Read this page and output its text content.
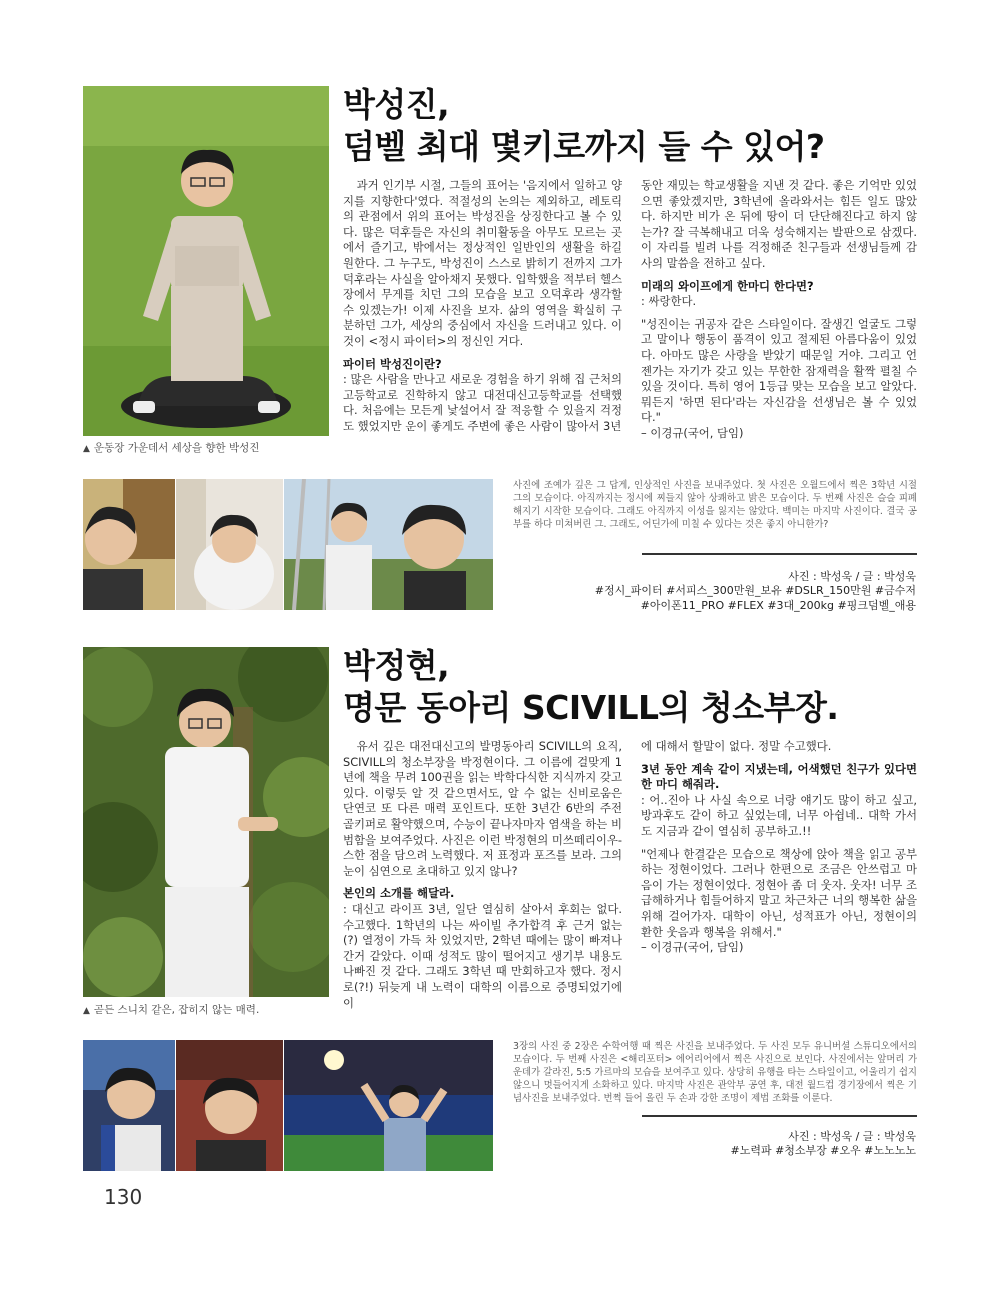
▲ 운동장 가운데서 세상을 향한 박성진
박성진,
덤벨 최대 몇키로까지 들 수 있어?

과거 인기부 시절, 그들의 표어는 '음지에서 일하고 양지를 지향한다'였다. 적절성의 논의는 제외하고, 레토릭의 관점에서 위의 표어는 박성진을 상징한다고 볼 수 있다. 많은 덕후들은 자신의 취미활동을 아무도 모르는 곳에서 즐기고, 밖에서는 정상적인 일반인의 생활을 하길 원한다. 그 누구도, 박성진이 스스로 밝히기 전까지 그가 덕후라는 사실을 알아채지 못했다. 입학했을 적부터 헬스장에서 무게를 치던 그의 모습을 보고 오덕후라 생각할 수 있겠는가! 이제 사진을 보자. 삶의 영역을 확실히 구분하던 그가, 세상의 중심에서 자신을 드러내고 있다. 이것이 <정시 파이터>의 정신인 거다.

파이터 박성진이란?
: 많은 사람을 만나고 새로운 경험을 하기 위해 집 근처의 고등학교로 진학하지 않고 대전대신고등학교를 선택했다. 처음에는 모든게 낯설어서 잘 적응할 수 있을지 걱정도 했었지만 운이 좋게도 주변에 좋은 사람이 많아서 3년
동안 재밌는 학교생활을 지낸 것 같다. 좋은 기억만 있었으면 좋았겠지만, 3학년에 올라와서는 힘든 일도 많았다. 하지만 비가 온 뒤에 땅이 더 단단해진다고 하지 않는가? 잘 극복해내고 더욱 성숙해지는 발판으로 삼겠다. 이 자리를 빌려 나를 걱정해준 친구들과 선생님들께 감사의 말씀을 전하고 싶다.
미래의 와이프에게 한마디 한다면?
: 싸랑한다.
"성진이는 귀공자 같은 스타일이다. 잘생긴 얼굴도 그렇고 말이나 행동이 품격이 있고 절제된 아름다움이 있었다. 아마도 많은 사랑을 받았기 때문일 거야. 그리고 언젠가는 자기가 갖고 있는 무한한 잠재력을 활짝 펼칠 수 있을 것이다. 특히 영어 1등급 맞는 모습을 보고 알았다. 뭐든지 '하면 된다'라는 자신감을 선생님은 볼 수 있었다."
– 이경규(국어, 담임)
사진에 조예가 깊은 그 답게, 인상적인 사진을 보내주었다. 첫 사진은 오월드에서 찍은 3학년 시절 그의 모습이다. 아직까지는 정시에 찌들지 않아 상쾌하고 밝은 모습이다. 두 번째 사진은 슬슬 피폐해지기 시작한 모습이다. 그래도 아직까지 이성을 잃지는 않았다. 백미는 마지막 사진이다. 결국 공부를 하다 미쳐버린 그. 그래도, 어딘가에 미칠 수 있다는 것은 좋지 아니한가?
사진 : 박성욱 / 글 : 박성욱
#정시_파이터 #서피스_300만원_보유 #DSLR_150만원 #금수저
#아이폰11_PRO #FLEX #3대_200kg #핑크덤벨_애용
▲ 곧든 스니치 같은, 잡히지 않는 매력.
박정현,
명문 동아리 SCIVILL의 청소부장.

유서 깊은 대전대신고의 발명동아리 SCIVILL의 요직, SCIVILL의 청소부장을 박정현이다. 그 이름에 걸맞게 1년에 책을 무려 100권을 읽는 박학다식한 지식까지 갖고 있다. 이렇듯 알 것 같으면서도, 알 수 없는 신비로움은 단연코 또 다른 매력 포인트다. 또한 3년간 6반의 주전 골키퍼로 활약했으며, 수능이 끝나자마자 염색을 하는 비범함을 보여주었다. 사진은 이런 박정현의 미쓰떼리이우-스한 점을 담으려 노력했다. 저 표정과 포즈를 보라. 그의 눈이 심연으로 초대하고 있지 않나?

본인의 소개를 해달라.
: 대신고 라이프 3년, 일단 열심히 살아서 후회는 없다. 수고했다. 1학년의 나는 싸이빌 추가합격 후 근거 없는(?) 열정이 가득 차 있었지만, 2학년 때에는 많이 빠져나간거 같았다. 이때 성적도 많이 떨어지고 생기부 내용도 나빠진 것 같다. 그래도 3학년 때 만회하고자 했다. 정시로(?!) 뒤늦게 내 노력이 대학의 이름으로 증명되었기에 이
에 대해서 할말이 없다. 정말 수고했다.
3년 동안 계속 같이 지냈는데, 어색했던 친구가 있다면 한 마디 해줘라.
: 어..진아 나 사실 속으로 너랑 얘기도 많이 하고 싶고, 방과후도 같이 하고 싶었는데, 너무 아쉽네.. 대학 가서도 지금과 같이 열심히 공부하고.!!
"언제나 한결같은 모습으로 책상에 앉아 책을 읽고 공부하는 정현이었다. 그러나 한편으로 조금은 안쓰럽고 마음이 가는 정현이었다. 정현아 좀 더 웃자. 웃자! 너무 조급해하거나 힘들어하지 말고 차근차근 너의 행복한 삶을 위해 걸어가자. 대학이 아닌, 성적표가 아닌, 정현이의 환한 웃음과 행복을 위해서."
– 이경규(국어, 담임)
3장의 사진 중 2장은 수학여행 때 찍은 사진을 보내주었다. 두 사진 모두 유니버셜 스튜디오에서의 모습이다. 두 번째 사진은 <해리포터> 에어리어에서 찍은 사진으로 보인다. 사진에서는 앞머리 가운데가 갈라진, 5:5 가르마의 모습을 보여주고 있다. 상당히 유행을 타는 스타일이고, 어울리기 쉽지 않으니 멋들어지게 소화하고 있다. 마지막 사진은 관악부 공연 후, 대전 월드컵 경기장에서 찍은 기념사진을 보내주었다. 번쩍 들어 올린 두 손과 강한 조명이 제법 조화를 이룬다.
사진 : 박성욱 / 글 : 박성욱
#노력파 #청소부장 #오우 #노노노노
130
